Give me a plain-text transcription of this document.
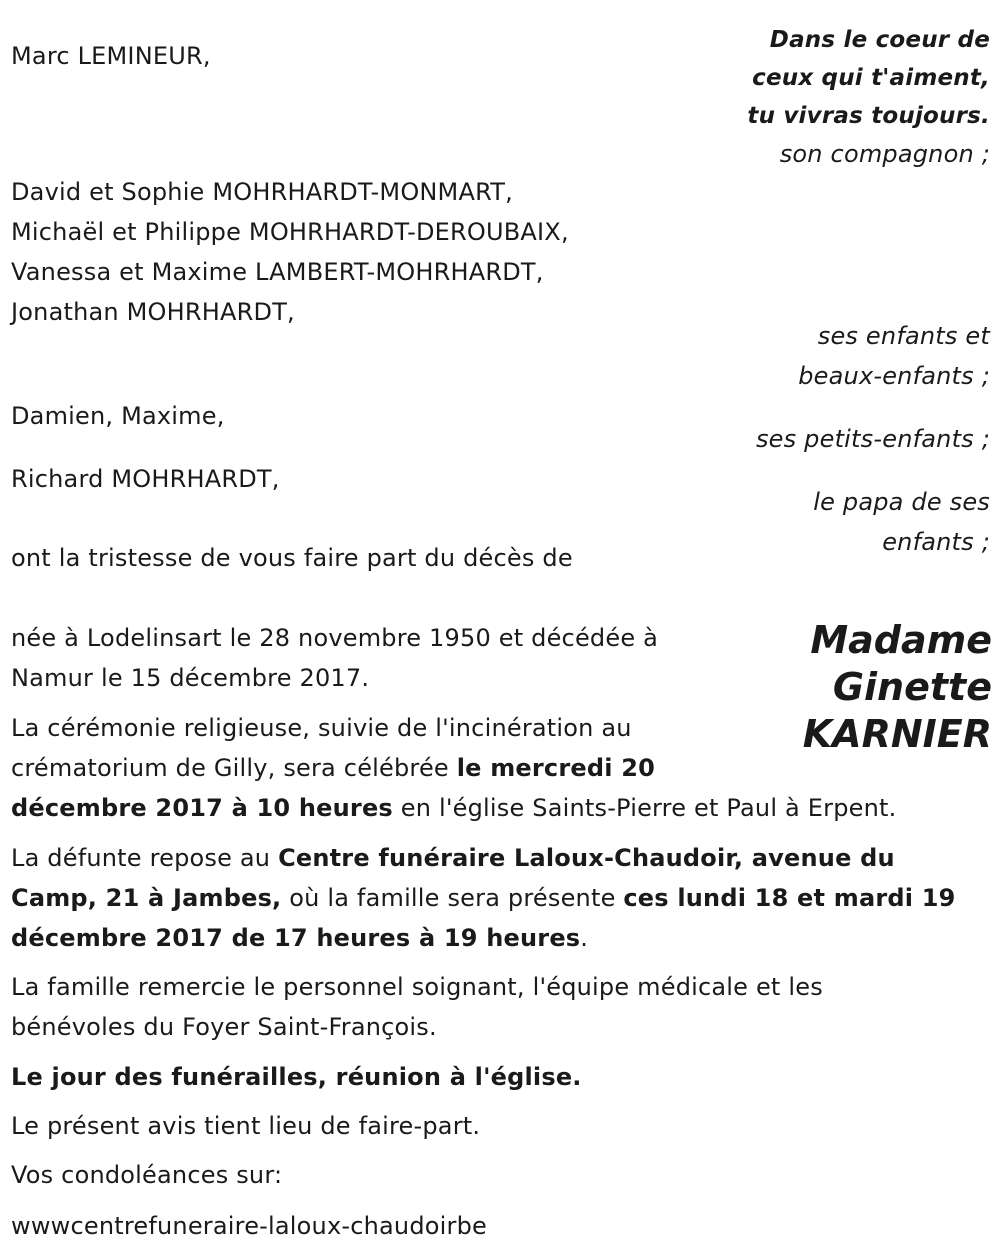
Dans le coeur de
ceux qui t'aiment,
tu vivras toujours.
Marc LEMINEUR,
son compagnon ;
David et Sophie MOHRHARDT-MONMART,
Michaël et Philippe MOHRHARDT-DEROUBAIX,
Vanessa et Maxime LAMBERT-MOHRHARDT,
Jonathan MOHRHARDT,
ses enfants et
beaux-enfants ;
Damien, Maxime,
ses petits-enfants ;
Richard MOHRHARDT,
le papa de ses
enfants ;
ont la tristesse de vous faire part du décès de
Madame
Ginette
KARNIER
née à Lodelinsart le 28 novembre 1950 et décédée à
Namur le 15 décembre 2017.
La cérémonie religieuse, suivie de l'incinération au
crématorium de Gilly, sera célébrée le mercredi 20
décembre 2017 à 10 heures en l'église Saints-Pierre et Paul à Erpent.
La défunte repose au Centre funéraire Laloux-Chaudoir, avenue du
Camp, 21 à Jambes, où la famille sera présente ces lundi 18 et mardi 19
décembre 2017 de 17 heures à 19 heures.
La famille remercie le personnel soignant, l'équipe médicale et les
bénévoles du Foyer Saint-François.
Le jour des funérailles, réunion à l'église.
Le présent avis tient lieu de faire-part.
Vos condoléances sur:
wwwcentrefuneraire-laloux-chaudoirbe
